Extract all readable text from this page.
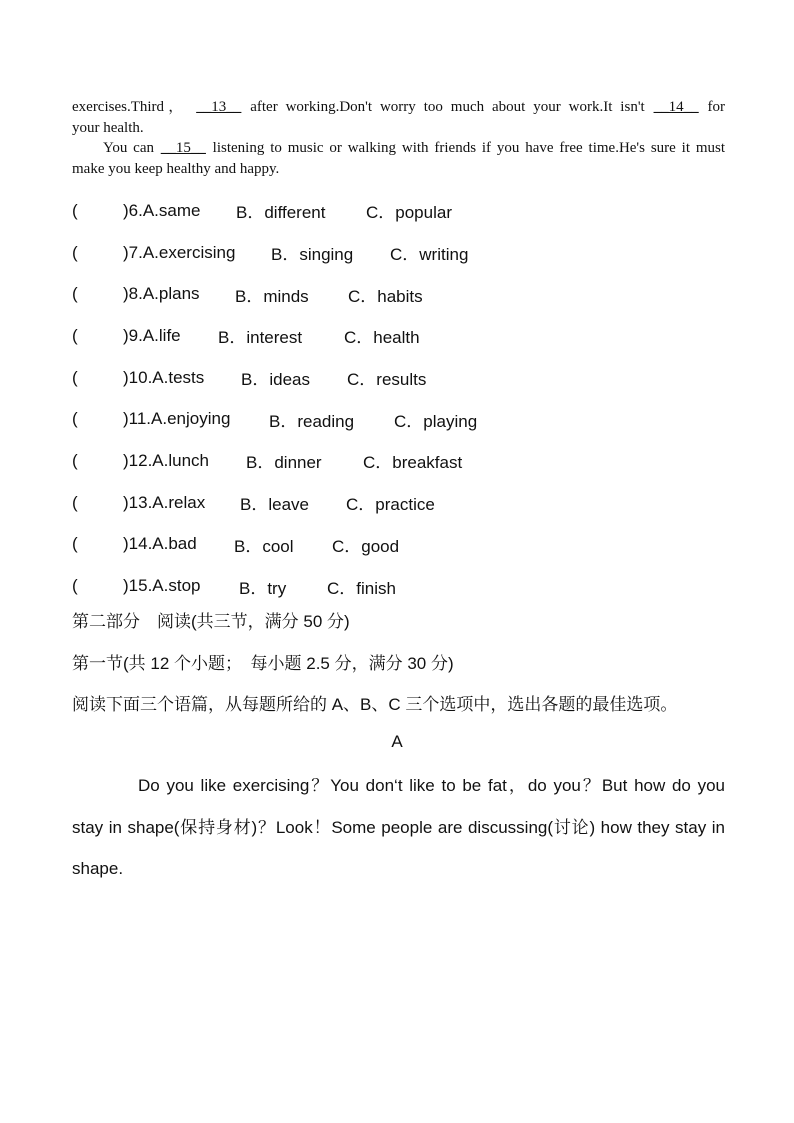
exercises.Third， __13__ after working.Don't worry too much about your work.It isn't __14__ for

your health.

You can __15__ listening to music or walking with friends if you have free time.He's sure it must make you keep healthy and happy.

(	)6.A.same	B．different	C．popular
(	)7.A.exercising	B．singing	C．writing
(	)8.A.plans	B．minds	C．habits
(	)9.A.life	B．interest	C．health
(	)10.A.tests	B．ideas	C．results
(	)11.A.enjoying	B．reading	C．playing
(	)12.A.lunch	B．dinner	C．breakfast
(	)13.A.relax	B．leave	C．practice
(	)14.A.bad	B．cool	C．good
(	)15.A.stop	B．try	C．finish
第二部分　阅读(共三节，满分 50 分)
第一节(共 12 个小题；　每小题 2.5 分，满分 30 分)
阅读下面三个语篇，从每题所给的 A、B、C 三个选项中，选出各题的最佳选项。
A

Do you like exercising？You don‘t like to be fat，do you？But how do you stay in shape(保持身材)？Look！Some people are discussing(讨论) how they stay in shape.
